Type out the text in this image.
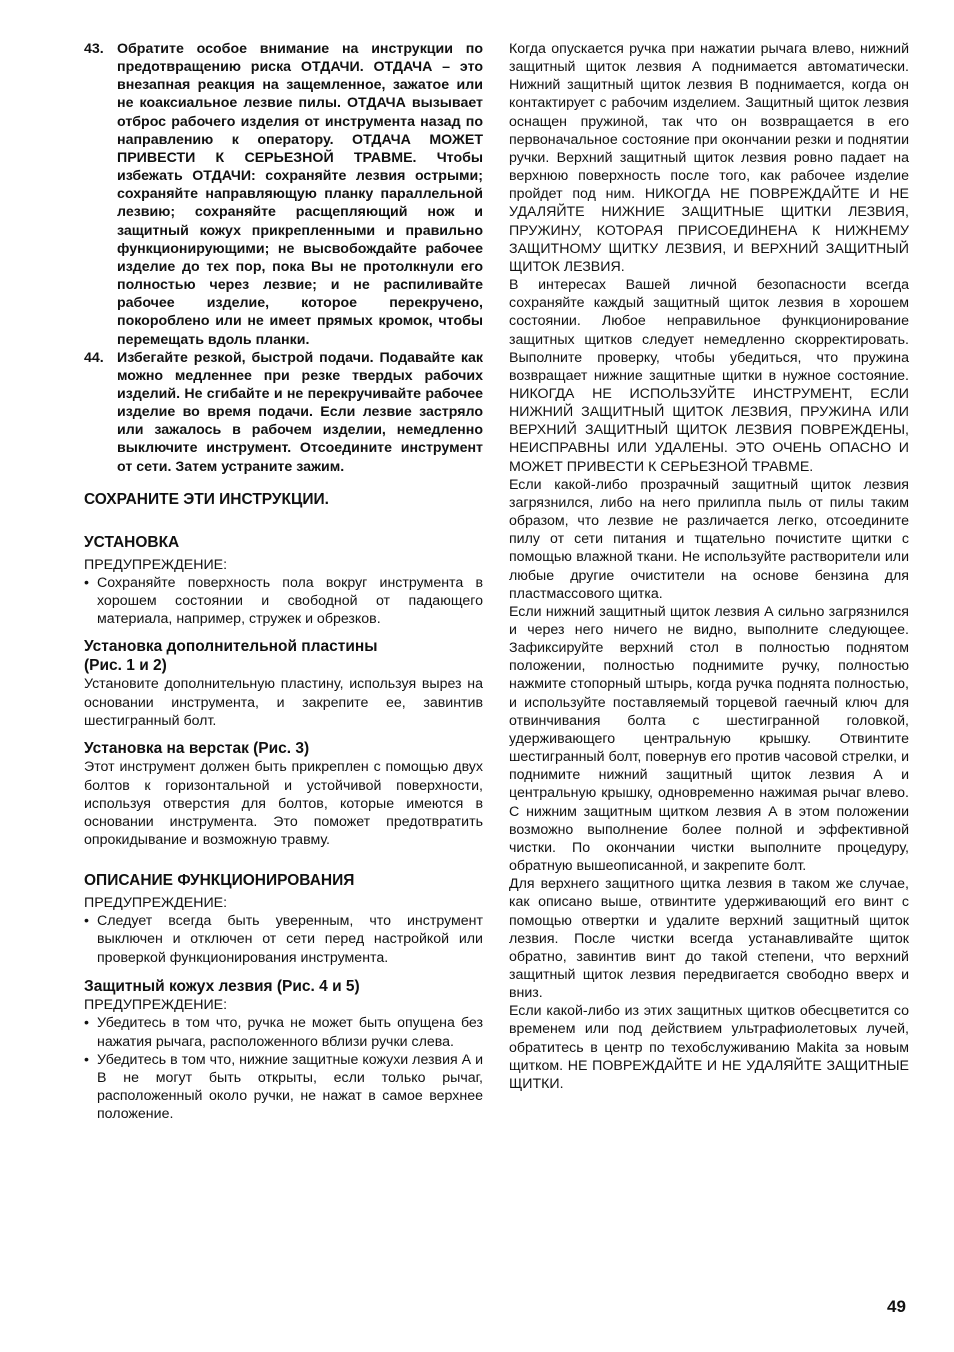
43. Обратите особое внимание на инструкции по предотвращению риска ОТДАЧИ. ОТДАЧА – это внезапная реакция на защемленное, зажатое или не коаксиальное лезвие пилы. ОТДАЧА вызывает отброс рабочего изделия от инструмента назад по направлению к оператору. ОТДАЧА МОЖЕТ ПРИВЕСТИ К СЕРЬЕЗНОЙ ТРАВМЕ. Чтобы избежать ОТДАЧИ: сохраняйте лезвия острыми; сохраняйте направляющую планку параллельной лезвию; сохраняйте расщепляющий нож и защитный кожух прикрепленными и правильно функционирующими; не высвобождайте рабочее изделие до тех пор, пока Вы не протолкнули его полностью через лезвие; и не распиливайте рабочее изделие, которое перекручено, покороблено или не имеет прямых кромок, чтобы перемещать вдоль планки.
44. Избегайте резкой, быстрой подачи. Подавайте как можно медленнее при резке твердых рабочих изделий. Не сгибайте и не перекручивайте рабочее изделие во время подачи. Если лезвие застряло или зажалось в рабочем изделии, немедленно выключите инструмент. Отсоедините инструмент от сети. Затем устраните зажим.
СОХРАНИТЕ ЭТИ ИНСТРУКЦИИ.
УСТАНОВКА

ПРЕДУПРЕЖДЕНИЕ:

• Сохраняйте поверхность пола вокруг инструмента в хорошем состоянии и свободной от падающего материала, например, стружек и обрезков.
Установка дополнительной пластины
(Рис. 1 и 2)

Установите дополнительную пластину, используя вырез на основании инструмента, и закрепите ее, завинтив шестигранный болт.

Установка на верстак (Рис. 3)

Этот инструмент должен быть прикреплен с помощью двух болтов к горизонтальной и устойчивой поверхности, используя отверстия для болтов, которые имеются в основании инструмента. Это поможет предотвратить опрокидывание и возможную травму.

ОПИСАНИЕ ФУНКЦИОНИРОВАНИЯ

ПРЕДУПРЕЖДЕНИЕ:

• Следует всегда быть уверенным, что инструмент выключен и отключен от сети перед настройкой или проверкой функционирования инструмента.
Защитный кожух лезвия (Рис. 4 и 5)

ПРЕДУПРЕЖДЕНИЕ:

• Убедитесь в том что, ручка не может быть опущена без нажатия рычага, расположенного вблизи ручки слева.
• Убедитесь в том что, нижние защитные кожухи лезвия А и В не могут быть открыты, если только рычаг, расположенный около ручки, не нажат в самое верхнее положение.

Когда опускается ручка при нажатии рычага влево, нижний защитный щиток лезвия А поднимается автоматически. Нижний защитный щиток лезвия В поднимается, когда он контактирует с рабочим изделием. Защитный щиток лезвия оснащен пружиной, так что он возвращается в его первоначальное состояние при окончании резки и поднятии ручки. Верхний защитный щиток лезвия ровно падает на верхнюю поверхность после того, как рабочее изделие пройдет под ним. НИКОГДА НЕ ПОВРЕЖДАЙТЕ И НЕ УДАЛЯЙТЕ НИЖНИЕ ЗАЩИТНЫЕ ЩИТКИ ЛЕЗВИЯ, ПРУЖИНУ, КОТОРАЯ ПРИСОЕДИНЕНА К НИЖНЕМУ ЗАЩИТНОМУ ЩИТКУ ЛЕЗВИЯ, И ВЕРХНИЙ ЗАЩИТНЫЙ ЩИТОК ЛЕЗВИЯ.

В интересах Вашей личной безопасности всегда сохраняйте каждый защитный щиток лезвия в хорошем состоянии. Любое неправильное функционирование защитных щитков следует немедленно скорректировать. Выполните проверку, чтобы убедиться, что пружина возвращает нижние защитные щитки в нужное состояние. НИКОГДА НЕ ИСПОЛЬЗУЙТЕ ИНСТРУМЕНТ, ЕСЛИ НИЖНИЙ ЗАЩИТНЫЙ ЩИТОК ЛЕЗВИЯ, ПРУЖИНА ИЛИ ВЕРХНИЙ ЗАЩИТНЫЙ ЩИТОК ЛЕЗВИЯ ПОВРЕЖДЕНЫ, НЕИСПРАВНЫ ИЛИ УДАЛЕНЫ. ЭТО ОЧЕНЬ ОПАСНО И МОЖЕТ ПРИВЕСТИ К СЕРЬЕЗНОЙ ТРАВМЕ.

Если какой-либо прозрачный защитный щиток лезвия загрязнился, либо на него прилипла пыль от пилы таким образом, что лезвие не различается легко, отсоедините пилу от сети питания и тщательно почистите щитки с помощью влажной ткани. Не используйте растворители или любые другие очистители на основе бензина для пластмассового щитка.

Если нижний защитный щиток лезвия А сильно загрязнился и через него ничего не видно, выполните следующее. Зафиксируйте верхний стол в полностью поднятом положении, полностью поднимите ручку, полностью нажмите стопорный штырь, когда ручка поднята полностью, и используйте поставляемый торцевой гаечный ключ для отвинчивания болта с шестигранной головкой, удерживающего центральную крышку. Отвинтите шестигранный болт, повернув его против часовой стрелки, и поднимите нижний защитный щиток лезвия А и центральную крышку, одновременно нажимая рычаг влево. С нижним защитным щитком лезвия А в этом положении возможно выполнение более полной и эффективной чистки. По окончании чистки выполните процедуру, обратную вышеописанной, и закрепите болт.

Для верхнего защитного щитка лезвия в таком же случае, как описано выше, отвинтите удерживающий его винт с помощью отвертки и удалите верхний защитный щиток лезвия. После чистки всегда устанавливайте щиток обратно, завинтив винт до такой степени, что верхний защитный щиток лезвия передвигается свободно вверх и вниз.

Если какой-либо из этих защитных щитков обесцветится со временем или под действием ультрафиолетовых лучей, обратитесь в центр по техобслуживанию Makita за новым щитком. НЕ ПОВРЕЖДАЙТЕ И НЕ УДАЛЯЙТЕ ЗАЩИТНЫЕ ЩИТКИ.

49
